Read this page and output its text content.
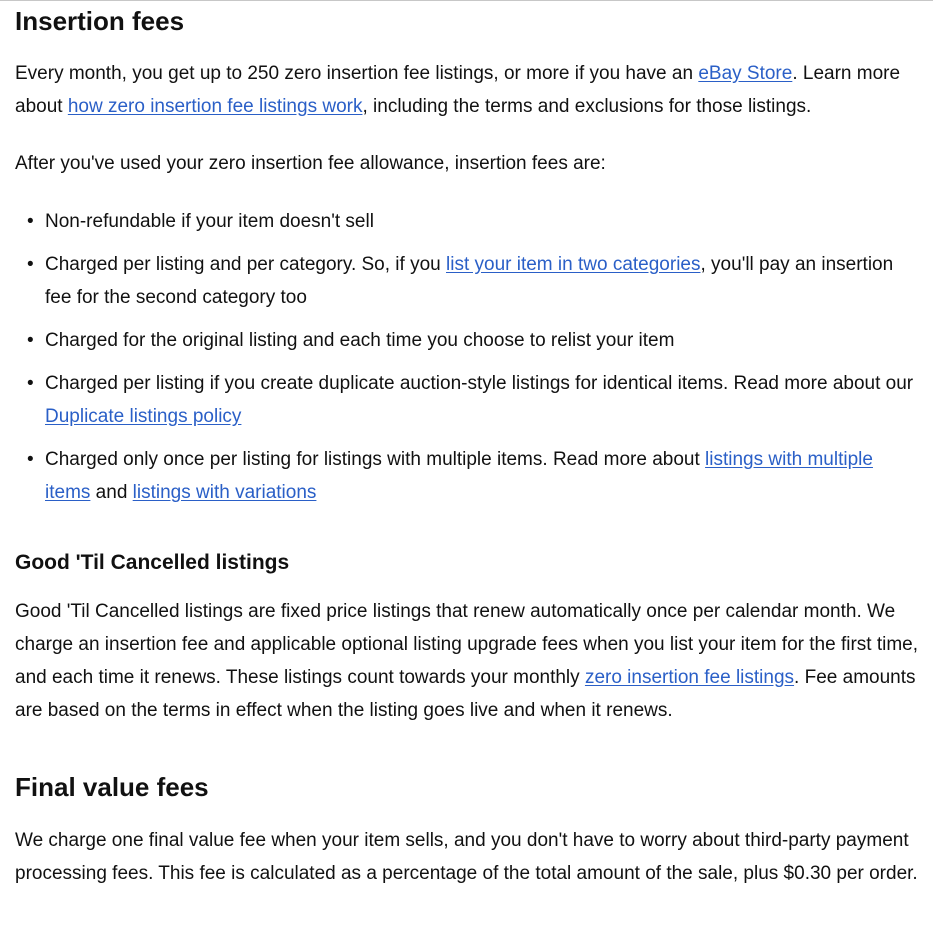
Insertion fees

Every month, you get up to 250 zero insertion fee listings, or more if you have an eBay Store. Learn more about how zero insertion fee listings work, including the terms and exclusions for those listings.

After you've used your zero insertion fee allowance, insertion fees are:

• Non-refundable if your item doesn't sell
• Charged per listing and per category. So, if you list your item in two categories, you'll pay an insertion fee for the second category too
• Charged for the original listing and each time you choose to relist your item
• Charged per listing if you create duplicate auction-style listings for identical items. Read more about our Duplicate listings policy
• Charged only once per listing for listings with multiple items. Read more about listings with multiple items and listings with variations
Good 'Til Cancelled listings

Good 'Til Cancelled listings are fixed price listings that renew automatically once per calendar month. We charge an insertion fee and applicable optional listing upgrade fees when you list your item for the first time, and each time it renews. These listings count towards your monthly zero insertion fee listings. Fee amounts are based on the terms in effect when the listing goes live and when it renews.

Final value fees

We charge one final value fee when your item sells, and you don't have to worry about third-party payment processing fees. This fee is calculated as a percentage of the total amount of the sale, plus $0.30 per order.
